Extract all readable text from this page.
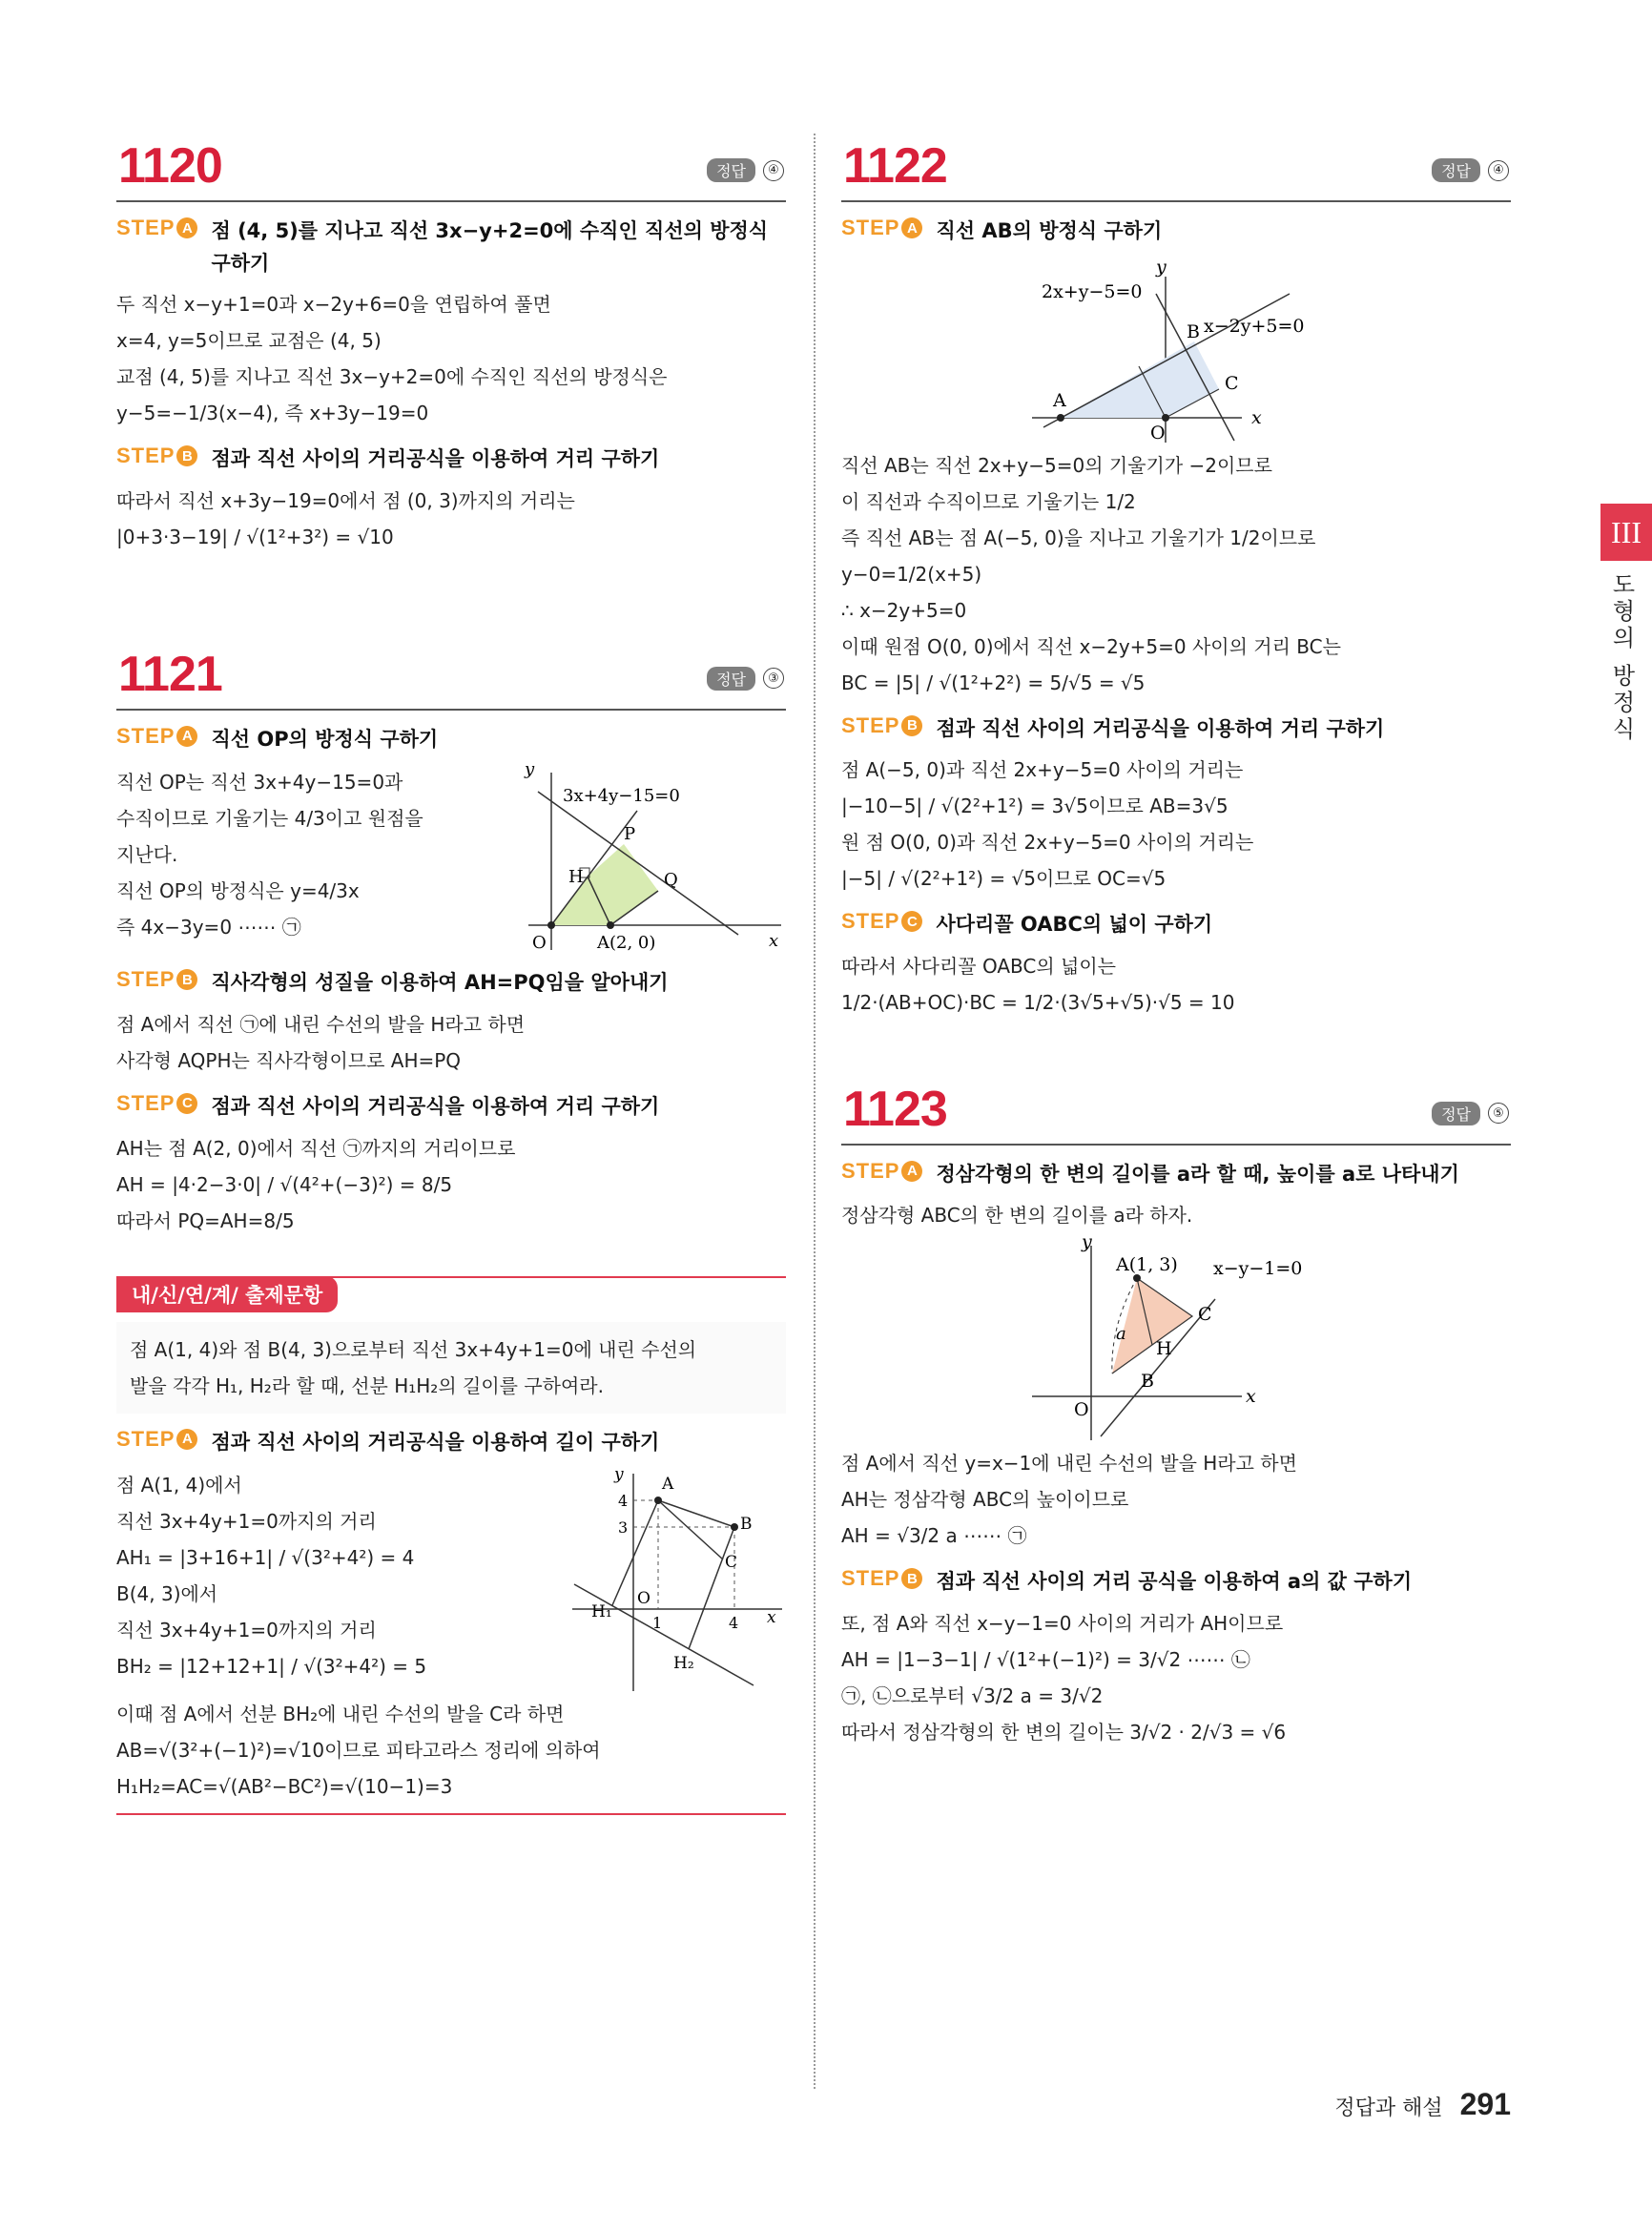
1120	정답	④
STEP A 점 (4, 5)를 지나고 직선 3x−y+2=0에 수직인 직선의 방정식 구하기
두 직선 x−y+1=0과 x−2y+6=0을 연립하여 풀면
x=4, y=5이므로 교점은 (4, 5)
교점 (4, 5)를 지나고 직선 3x−y+2=0에 수직인 직선의 방정식은
y−5=−1/3(x−4), 즉 x+3y−19=0
STEP B 점과 직선 사이의 거리공식을 이용하여 거리 구하기
따라서 직선 x+3y−19=0에서 점 (0, 3)까지의 거리는
|0+3·3−19| / √(1²+3²) = √10
1121	정답	③
STEP A 직선 OP의 방정식 구하기
직선 OP는 직선 3x+4y−15=0과
수직이므로 기울기는 4/3이고 원점을
지난다.
직선 OP의 방정식은 y=4/3x
즉 4x−3y=0 ⋯⋯ ㉠
y
x
3x+4y−15=0
P
Q
H
A(2, 0)
O
STEP B 직사각형의 성질을 이용하여 AH=PQ임을 알아내기
점 A에서 직선 ㉠에 내린 수선의 발을 H라고 하면
사각형 AQPH는 직사각형이므로 AH=PQ
STEP C 점과 직선 사이의 거리공식을 이용하여 거리 구하기
AH는 점 A(2, 0)에서 직선 ㉠까지의 거리이므로
AH = |4·2−3·0| / √(4²+(−3)²) = 8/5
따라서 PQ=AH=8/5
내/신/연/계/ 출제문항
점 A(1, 4)와 점 B(4, 3)으로부터 직선 3x+4y+1=0에 내린 수선의
발을 각각 H₁, H₂라 할 때, 선분 H₁H₂의 길이를 구하여라.
STEP A 점과 직선 사이의 거리공식을 이용하여 길이 구하기
점 A(1, 4)에서
직선 3x+4y+1=0까지의 거리
AH₁ = |3+16+1| / √(3²+4²) = 4
B(4, 3)에서
직선 3x+4y+1=0까지의 거리
BH₂ = |12+12+1| / √(3²+4²) = 5
y
x
A
B
C
H₁
H₂
O
4
3
1	4
이때 점 A에서 선분 BH₂에 내린 수선의 발을 C라 하면
AB=√(3²+(−1)²)=√10이므로 피타고라스 정리에 의하여
H₁H₂=AC=√(AB²−BC²)=√(10−1)=3
1122	정답	④
STEP A 직선 AB의 방정식 구하기
2x+y−5=0
x−2y+5=0
A
B
C
O
x
y
직선 AB는 직선 2x+y−5=0의 기울기가 −2이므로
이 직선과 수직이므로 기울기는 1/2
즉 직선 AB는 점 A(−5, 0)을 지나고 기울기가 1/2이므로
y−0=1/2(x+5)
∴ x−2y+5=0
이때 원점 O(0, 0)에서 직선 x−2y+5=0 사이의 거리 BC는
BC = |5| / √(1²+2²) = 5/√5 = √5
STEP B 점과 직선 사이의 거리공식을 이용하여 거리 구하기
점 A(−5, 0)과 직선 2x+y−5=0 사이의 거리는
|−10−5| / √(2²+1²) = 3√5이므로 AB=3√5
원 점 O(0, 0)과 직선 2x+y−5=0 사이의 거리는
|−5| / √(2²+1²) = √5이므로 OC=√5
STEP C 사다리꼴 OABC의 넓이 구하기
따라서 사다리꼴 OABC의 넓이는
1/2·(AB+OC)·BC = 1/2·(3√5+√5)·√5 = 10
1123	정답	⑤
STEP A 정삼각형의 한 변의 길이를 a라 할 때, 높이를 a로 나타내기
정삼각형 ABC의 한 변의 길이를 a라 하자.
A(1, 3) x−y−1=0
C
H
B
a
O
x
y
점 A에서 직선 y=x−1에 내린 수선의 발을 H라고 하면
AH는 정삼각형 ABC의 높이이므로
AH = √3/2 a ⋯⋯ ㉠
STEP B 점과 직선 사이의 거리 공식을 이용하여 a의 값 구하기
또, 점 A와 직선 x−y−1=0 사이의 거리가 AH이므로
AH = |1−3−1| / √(1²+(−1)²) = 3/√2 ⋯⋯ ㉡
㉠, ㉡으로부터 √3/2 a = 3/√2
따라서 정삼각형의 한 변의 길이는 3/√2 · 2/√3 = √6
III
도형의 방정식
정답과 해설 291
